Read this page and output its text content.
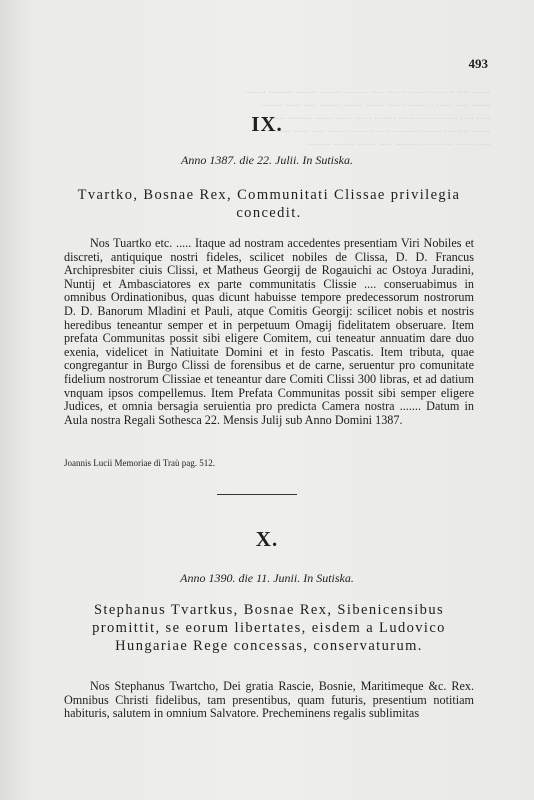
....... .... .. ....... ...... ....... ..... ......... ........ ........ ......... ........
....... ..... ...... .. ...... ....... ....... ....... ........ ..... ...... ........
..... ..... ...... ........ ...... ........ ...... ...... ....... ......... ......
....... .... .... ........ ......... ..... ........ ........ ..... ...... .......
...... ...... ....... .... ........ ..... ....... ........ .........
493
IX.
Anno 1387. die 22. Julii. In Sutiska.
Tvartko, Bosnae Rex, Communitati Clissae privilegia concedit.

Nos Tuartko etc. ..... Itaque ad nostram accedentes presentiam Viri Nobiles et discreti, antiquique nostri fideles, scilicet nobiles de Clissa, D. D. Francus Archipresbiter ciuis Clissi, et Matheus Georgij de Rogauichi ac Ostoya Juradini, Nuntij et Ambasciatores ex parte communitatis Clissie .... conseruabimus in omnibus Ordinationibus, quas dicunt habuisse tempore predecessorum nostrorum D. D. Banorum Mladini et Pauli, atque Comitis Georgij: scilicet nobis et nostris heredibus teneantur semper et in perpetuum Omagij fidelitatem obseruare. Item prefata Communitas possit sibi eligere Comitem, cui teneatur annuatim dare duo exenia, videlicet in Natiuitate Domini et in festo Pascatis. Item tributa, quae congregantur in Burgo Clissi de forensibus et de carne, seruentur pro comunitate fidelium nostrorum Clissiae et teneantur dare Comiti Clissi 300 libras, et ad datium vnquam ipsos compellemus. Item Prefata Communitas possit sibi semper eligere Judices, et omnia bersagia seruientia pro predicta Camera nostra ....... Datum in Aula nostra Regali Sothesca 22. Mensis Julij sub Anno Domini 1387.

Joannis Lucii Memoriae di Traù pag. 512.
X.
Anno 1390. die 11. Junii. In Sutiska.
Stephanus Tvartkus, Bosnae Rex, Sibenicensibus promittit, se eorum libertates, eisdem a Ludovico Hungariae Rege concessas, conservaturum.

Nos Stephanus Twartcho, Dei gratia Rascie, Bosnie, Maritimeque &c. Rex. Omnibus Christi fidelibus, tam presentibus, quam futuris, presentium notitiam habituris, salutem in omnium Salvatore. Precheminens regalis sublimitas
